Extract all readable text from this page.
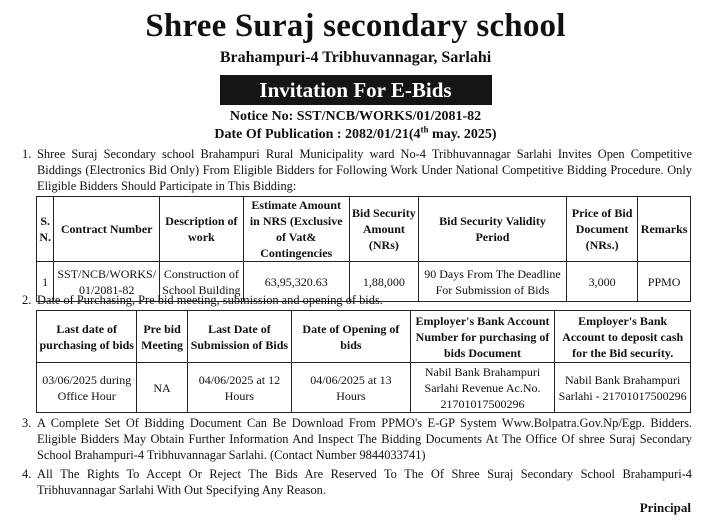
Shree Suraj secondary school
Brahampuri-4 Tribhuvannagar, Sarlahi
Invitation For E-Bids
Notice No: SST/NCB/WORKS/01/2081-82
Date Of Publication : 2082/01/21(4th may. 2025)
1. Shree Suraj Secondary school Brahampuri Rural Municipality ward No-4 Tribhuvannagar Sarlahi Invites Open Competitive Biddings (Electronics Bid Only) From Eligible Bidders for Following Work Under National Competitive Bidding Procedure. Only Eligible Bidders Should Participate in This Bidding:
S. N.	Contract Number	Description of work	Estimate Amount in NRS (Exclusive of Vat& Contingencies	Bid Security Amount (NRs)	Bid Security Validity Period	Price of Bid Document (NRs.)	Remarks
1	SST/NCB/WORKS/ 01/2081-82	Construction of School Building	63,95,320.63	1,88,000	90 Days From The Deadline For Submission of Bids	3,000	PPMO
2. Date of Purchasing, Pre bid meeting, submission and opening of bids.
Last date of purchasing of bids	Pre bid Meeting	Last Date of Submission of Bids	Date of Opening of bids	Employer's Bank Account Number for purchasing of bids Document	Employer's Bank Account to deposit cash for the Bid security.
03/06/2025 during Office Hour	NA	04/06/2025 at 12 Hours	04/06/2025 at 13 Hours	Nabil Bank Brahampuri Sarlahi Revenue Ac.No. 21701017500296	Nabil Bank Brahampuri Sarlahi - 21701017500296
3. A Complete Set Of Bidding Document Can Be Download From PPMO's E-GP System Www.Bolpatra.Gov.Np/Egp. Bidders. Eligible Bidders May Obtain Further Information And Inspect The Bidding Documents At The Office Of shree Suraj Secondary School Brahampuri-4 Tribhuvannagar Sarlahi. (Contact Number 9844033741)
4. All The Rights To Accept Or Reject The Bids Are Reserved To The Of Shree Suraj Secondary School Brahampuri-4 Tribhuvannagar Sarlahi With Out Specifying Any Reason.
Principal
